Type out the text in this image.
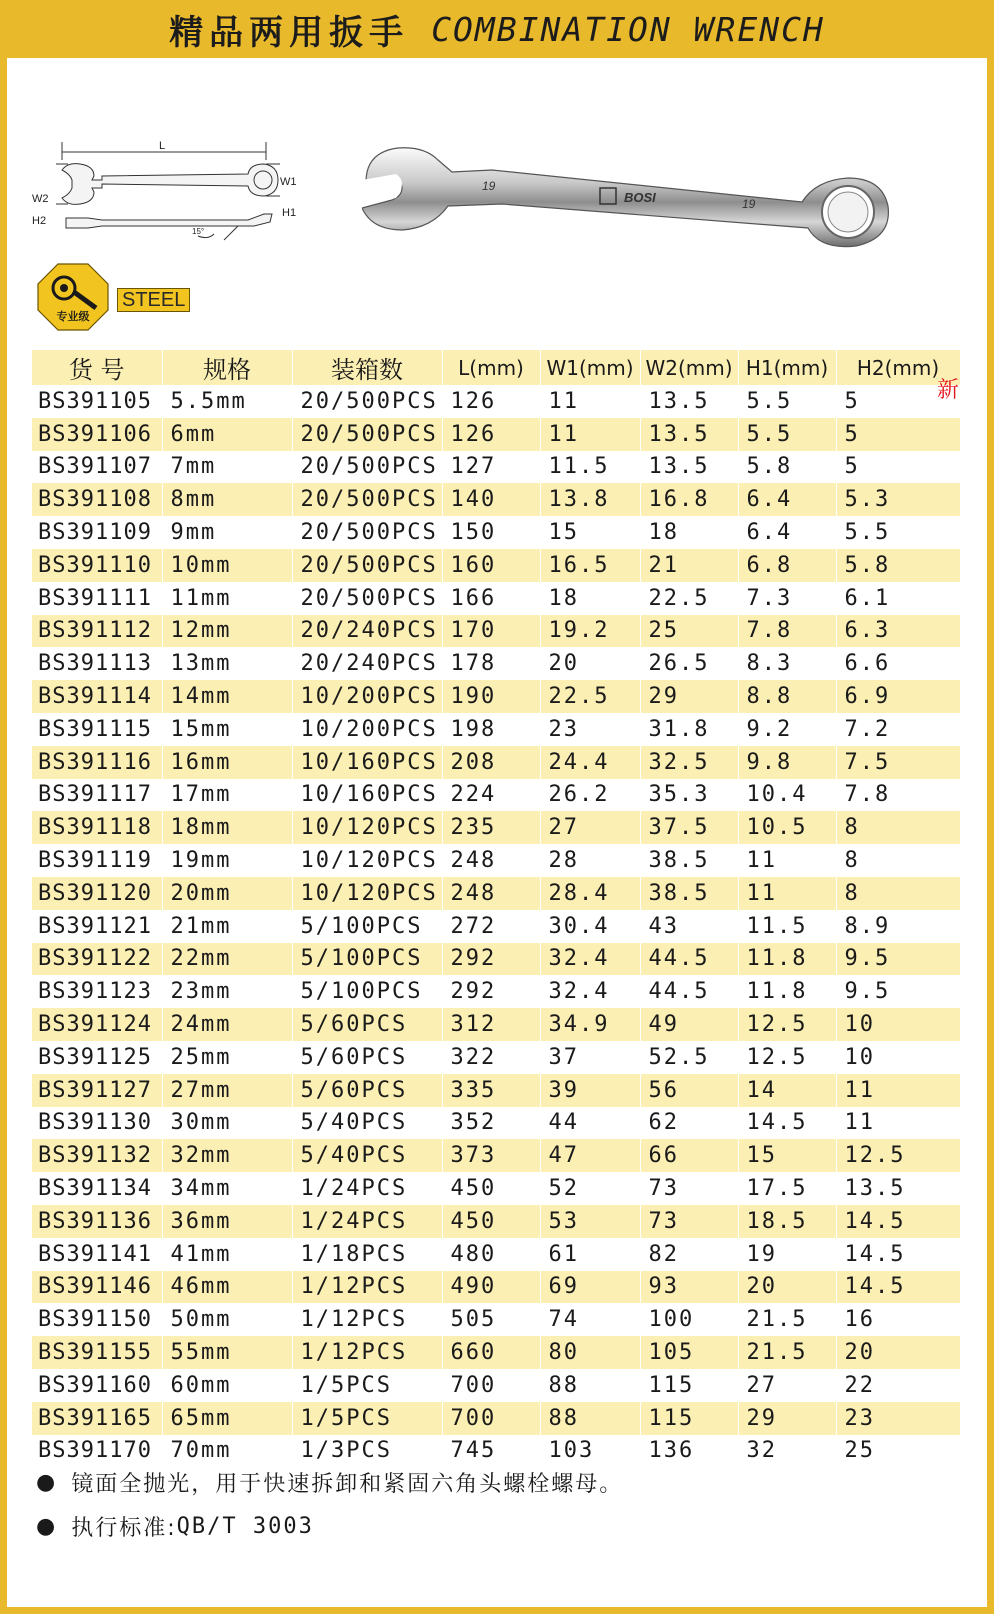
精品两用扳手 COMBINATION WRENCH
L
W1
W2
H1
H2
15°
19
BOSI	19
专业级
STEEL
货 号	规格	装箱数	L(mm)	W1(mm)	W2(mm)	H1(mm)	H2(mm)
BS391105	5.5mm	20/500PCS	126	11	13.5	5.5	5
BS391106	6mm	20/500PCS	126	11	13.5	5.5	5
BS391107	7mm	20/500PCS	127	11.5	13.5	5.8	5
BS391108	8mm	20/500PCS	140	13.8	16.8	6.4	5.3
BS391109	9mm	20/500PCS	150	15	18	6.4	5.5
BS391110	10mm	20/500PCS	160	16.5	21	6.8	5.8
BS391111	11mm	20/500PCS	166	18	22.5	7.3	6.1
BS391112	12mm	20/240PCS	170	19.2	25	7.8	6.3
BS391113	13mm	20/240PCS	178	20	26.5	8.3	6.6
BS391114	14mm	10/200PCS	190	22.5	29	8.8	6.9
BS391115	15mm	10/200PCS	198	23	31.8	9.2	7.2
BS391116	16mm	10/160PCS	208	24.4	32.5	9.8	7.5
BS391117	17mm	10/160PCS	224	26.2	35.3	10.4	7.8
BS391118	18mm	10/120PCS	235	27	37.5	10.5	8
BS391119	19mm	10/120PCS	248	28	38.5	11	8
BS391120	20mm	10/120PCS	248	28.4	38.5	11	8
BS391121	21mm	5/100PCS	272	30.4	43	11.5	8.9
BS391122	22mm	5/100PCS	292	32.4	44.5	11.8	9.5
BS391123	23mm	5/100PCS	292	32.4	44.5	11.8	9.5
BS391124	24mm	5/60PCS	312	34.9	49	12.5	10
BS391125	25mm	5/60PCS	322	37	52.5	12.5	10
BS391127	27mm	5/60PCS	335	39	56	14	11
BS391130	30mm	5/40PCS	352	44	62	14.5	11
BS391132	32mm	5/40PCS	373	47	66	15	12.5
BS391134	34mm	1/24PCS	450	52	73	17.5	13.5
BS391136	36mm	1/24PCS	450	53	73	18.5	14.5
BS391141	41mm	1/18PCS	480	61	82	19	14.5
BS391146	46mm	1/12PCS	490	69	93	20	14.5
BS391150	50mm	1/12PCS	505	74	100	21.5	16
BS391155	55mm	1/12PCS	660	80	105	21.5	20
BS391160	60mm	1/5PCS	700	88	115	27	22
BS391165	65mm	1/5PCS	700	88	115	29	23
BS391170	70mm	1/3PCS	745	103	136	32	25
新
● 镜面全抛光，用于快速拆卸和紧固六角头螺栓螺母。
● 执行标准: QB/T 3003
